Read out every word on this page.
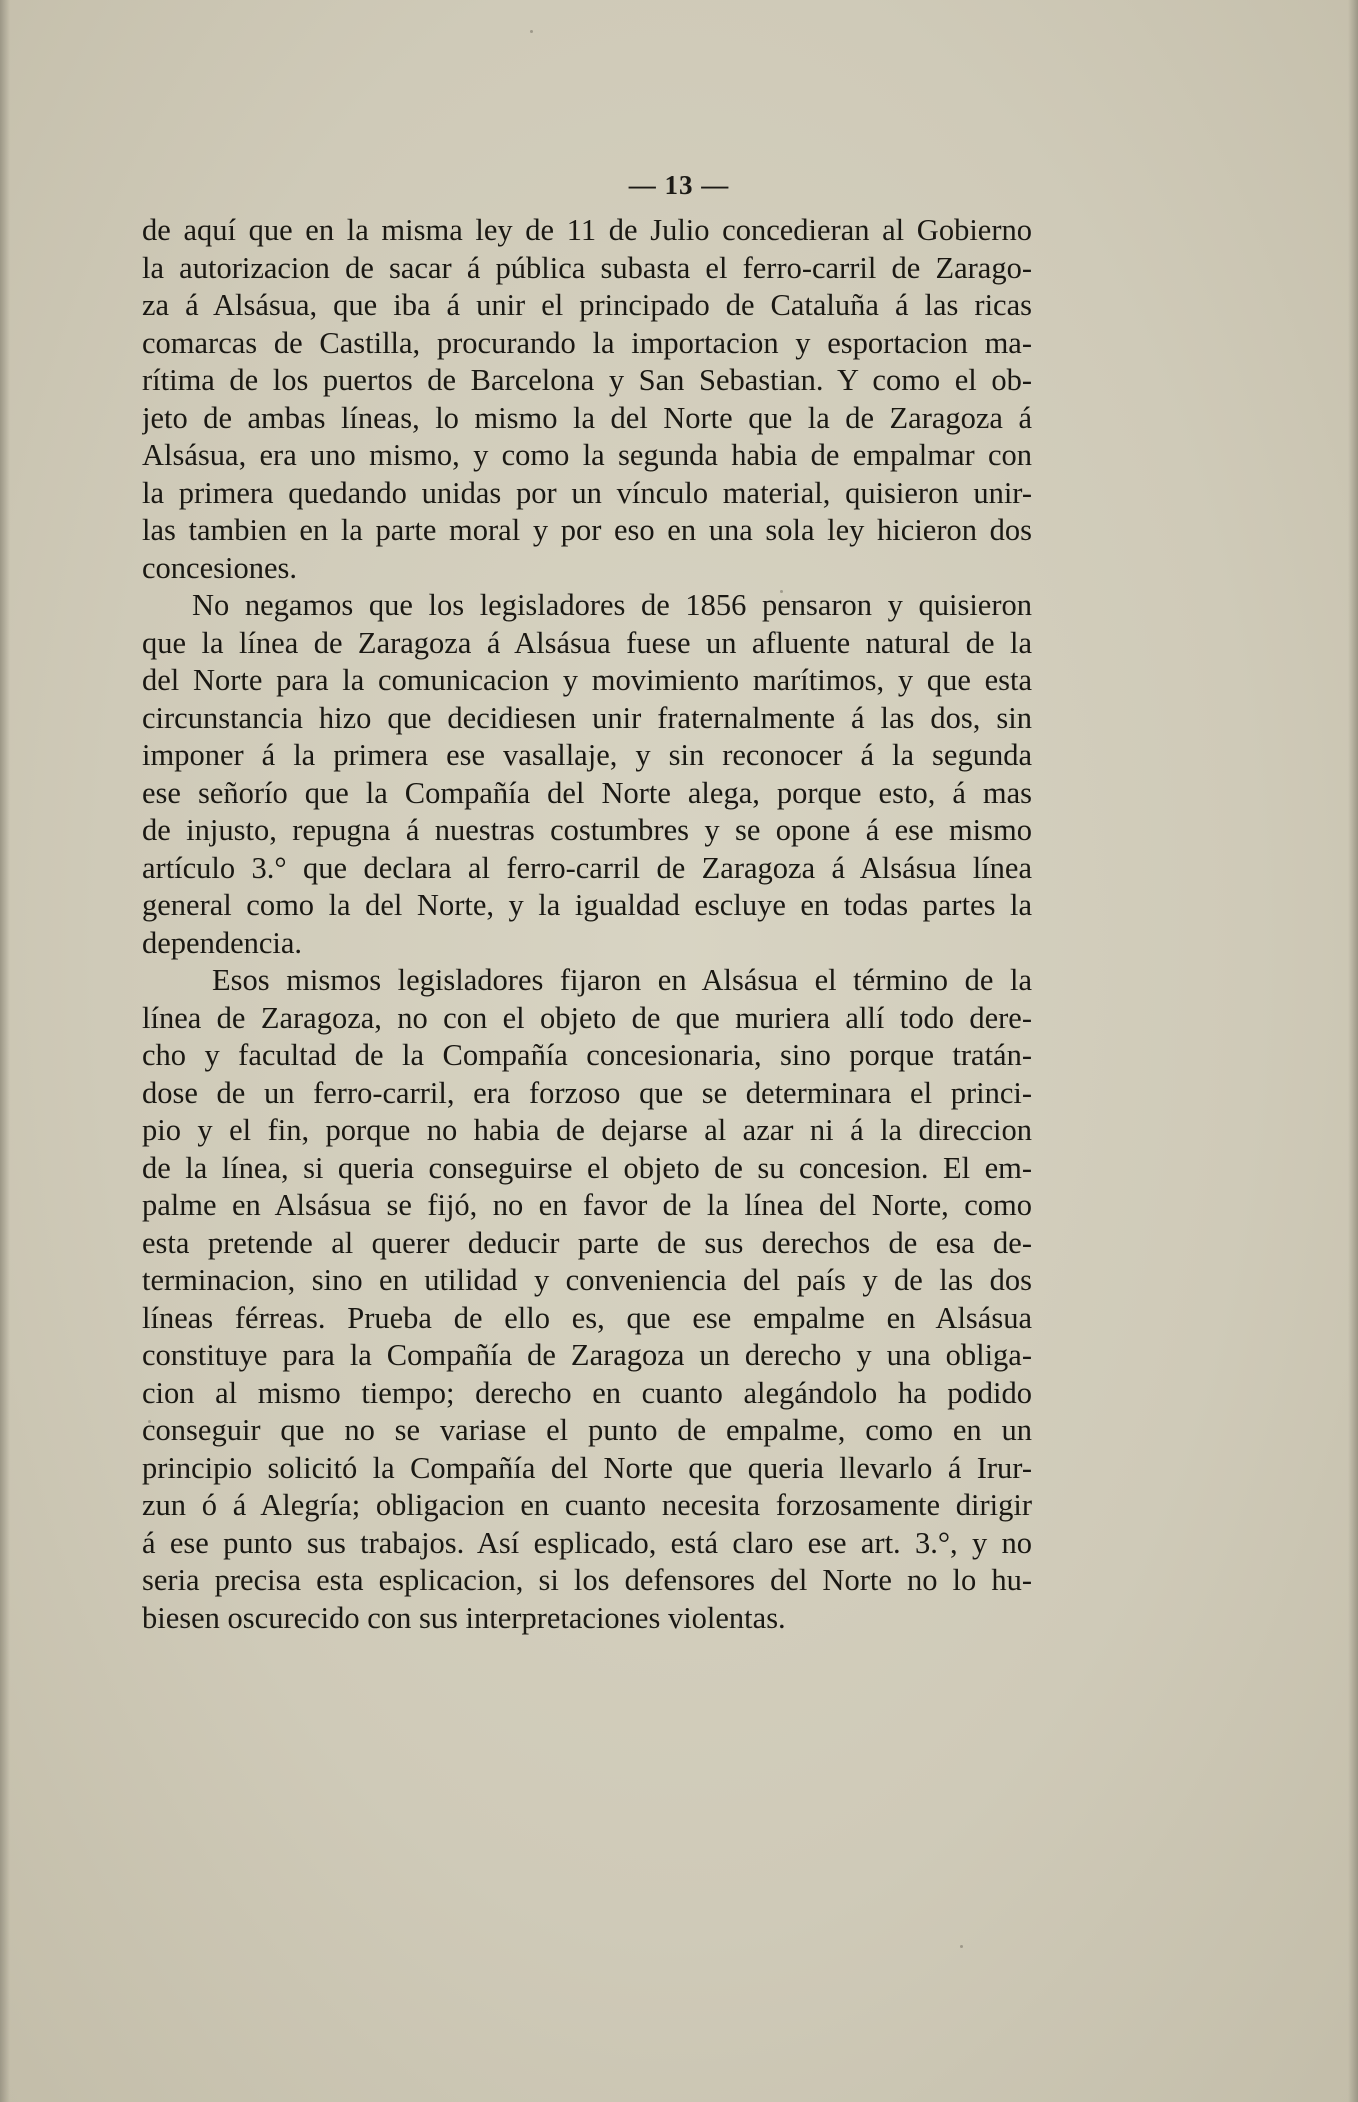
— 13 —

de aquí que en la misma ley de 11 de Julio concedieran al Gobierno
la autorizacion de sacar á pública subasta el ferro-carril de Zarago-
za á Alsásua, que iba á unir el principado de Cataluña á las ricas
comarcas de Castilla, procurando la importacion y esportacion ma-
rítima de los puertos de Barcelona y San Sebastian. Y como el ob-
jeto de ambas líneas, lo mismo la del Norte que la de Zaragoza á
Alsásua, era uno mismo, y como la segunda habia de empalmar con
la primera quedando unidas por un vínculo material, quisieron unir-
las tambien en la parte moral y por eso en una sola ley hicieron dos
concesiones.

No negamos que los legisladores de 1856 pensaron y quisieron
que la línea de Zaragoza á Alsásua fuese un afluente natural de la
del Norte para la comunicacion y movimiento marítimos, y que esta
circunstancia hizo que decidiesen unir fraternalmente á las dos, sin
imponer á la primera ese vasallaje, y sin reconocer á la segunda
ese señorío que la Compañía del Norte alega, porque esto, á mas
de injusto, repugna á nuestras costumbres y se opone á ese mismo
artículo 3.° que declara al ferro-carril de Zaragoza á Alsásua línea
general como la del Norte, y la igualdad escluye en todas partes la
dependencia.

Esos mismos legisladores fijaron en Alsásua el término de la
línea de Zaragoza, no con el objeto de que muriera allí todo dere-
cho y facultad de la Compañía concesionaria, sino porque tratán-
dose de un ferro-carril, era forzoso que se determinara el princi-
pio y el fin, porque no habia de dejarse al azar ni á la direccion
de la línea, si queria conseguirse el objeto de su concesion. El em-
palme en Alsásua se fijó, no en favor de la línea del Norte, como
esta pretende al querer deducir parte de sus derechos de esa de-
terminacion, sino en utilidad y conveniencia del país y de las dos
líneas férreas. Prueba de ello es, que ese empalme en Alsásua
constituye para la Compañía de Zaragoza un derecho y una obliga-
cion al mismo tiempo; derecho en cuanto alegándolo ha podido
conseguir que no se variase el punto de empalme, como en un
principio solicitó la Compañía del Norte que queria llevarlo á Irur-
zun ó á Alegría; obligacion en cuanto necesita forzosamente dirigir
á ese punto sus trabajos. Así esplicado, está claro ese art. 3.°, y no
seria precisa esta esplicacion, si los defensores del Norte no lo hu-
biesen oscurecido con sus interpretaciones violentas.
